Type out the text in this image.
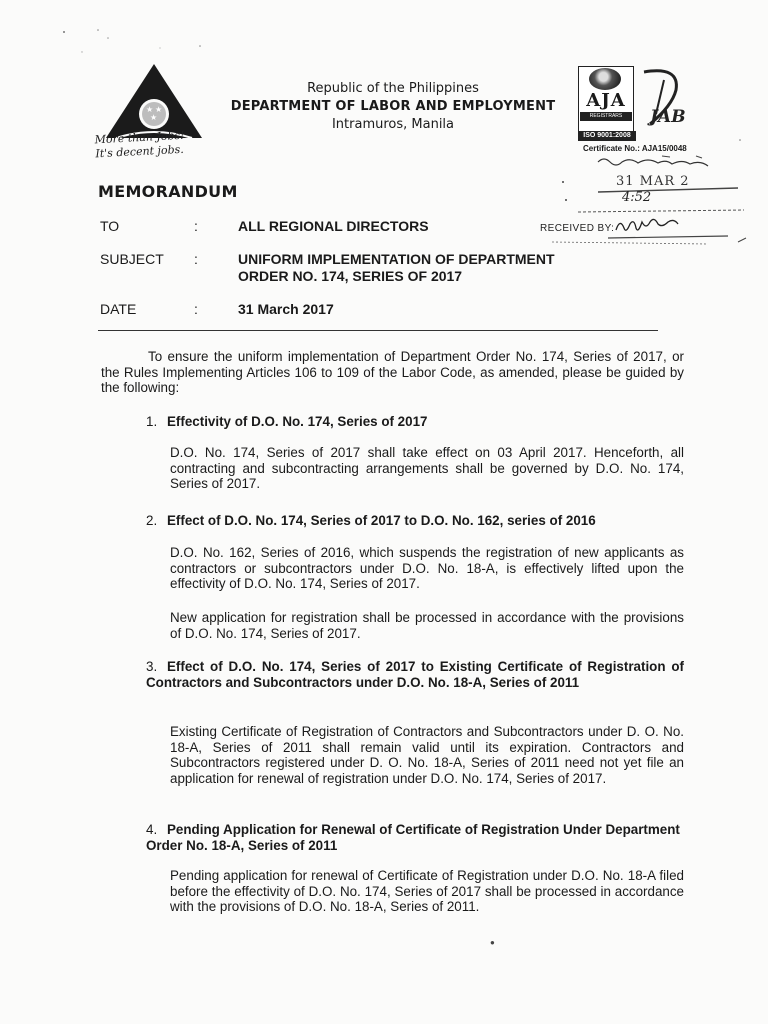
★ ★
★
More than Jobs!
It's decent jobs.
Republic of the Philippines
DEPARTMENT OF LABOR AND EMPLOYMENT
Intramuros, Manila
AJA
REGISTRARS
ISO 9001:2008
JAB
Certificate No.: AJA15/0048
31 MAR 2
4:52
RECEIVED BY:
MEMORANDUM
TO	:	ALL REGIONAL DIRECTORS
SUBJECT :	UNIFORM IMPLEMENTATION OF DEPARTMENT
ORDER NO. 174, SERIES OF 2017
DATE	:	31 March 2017
To ensure the uniform implementation of Department Order No. 174, Series of 2017, or the Rules Implementing Articles 106 to 109 of the Labor Code, as amended, please be guided by the following:
1. Effectivity of D.O. No. 174, Series of 2017
D.O. No. 174, Series of 2017 shall take effect on 03 April 2017. Henceforth, all contracting and subcontracting arrangements shall be governed by D.O. No. 174, Series of 2017.
2. Effect of D.O. No. 174, Series of 2017 to D.O. No. 162, series of 2016
D.O. No. 162, Series of 2016, which suspends the registration of new applicants as contractors or subcontractors under D.O. No. 18-A, is effectively lifted upon the effectivity of D.O. No. 174, Series of 2017.
New application for registration shall be processed in accordance with the provisions of D.O. No. 174, Series of 2017.
3. Effect of D.O. No. 174, Series of 2017 to Existing Certificate of Registration of Contractors and Subcontractors under D.O. No. 18-A, Series of 2011
Existing Certificate of Registration of Contractors and Subcontractors under D. O. No. 18-A, Series of 2011 shall remain valid until its expiration. Contractors and Subcontractors registered under D. O. No. 18-A, Series of 2011 need not yet file an application for renewal of registration under D.O. No. 174, Series of 2017.
4. Pending Application for Renewal of Certificate of Registration Under Department Order No. 18-A, Series of 2011
Pending application for renewal of Certificate of Registration under D.O. No. 18-A filed before the effectivity of D.O. No. 174, Series of 2017 shall be processed in accordance with the provisions of D.O. No. 18-A, Series of 2011.
●
